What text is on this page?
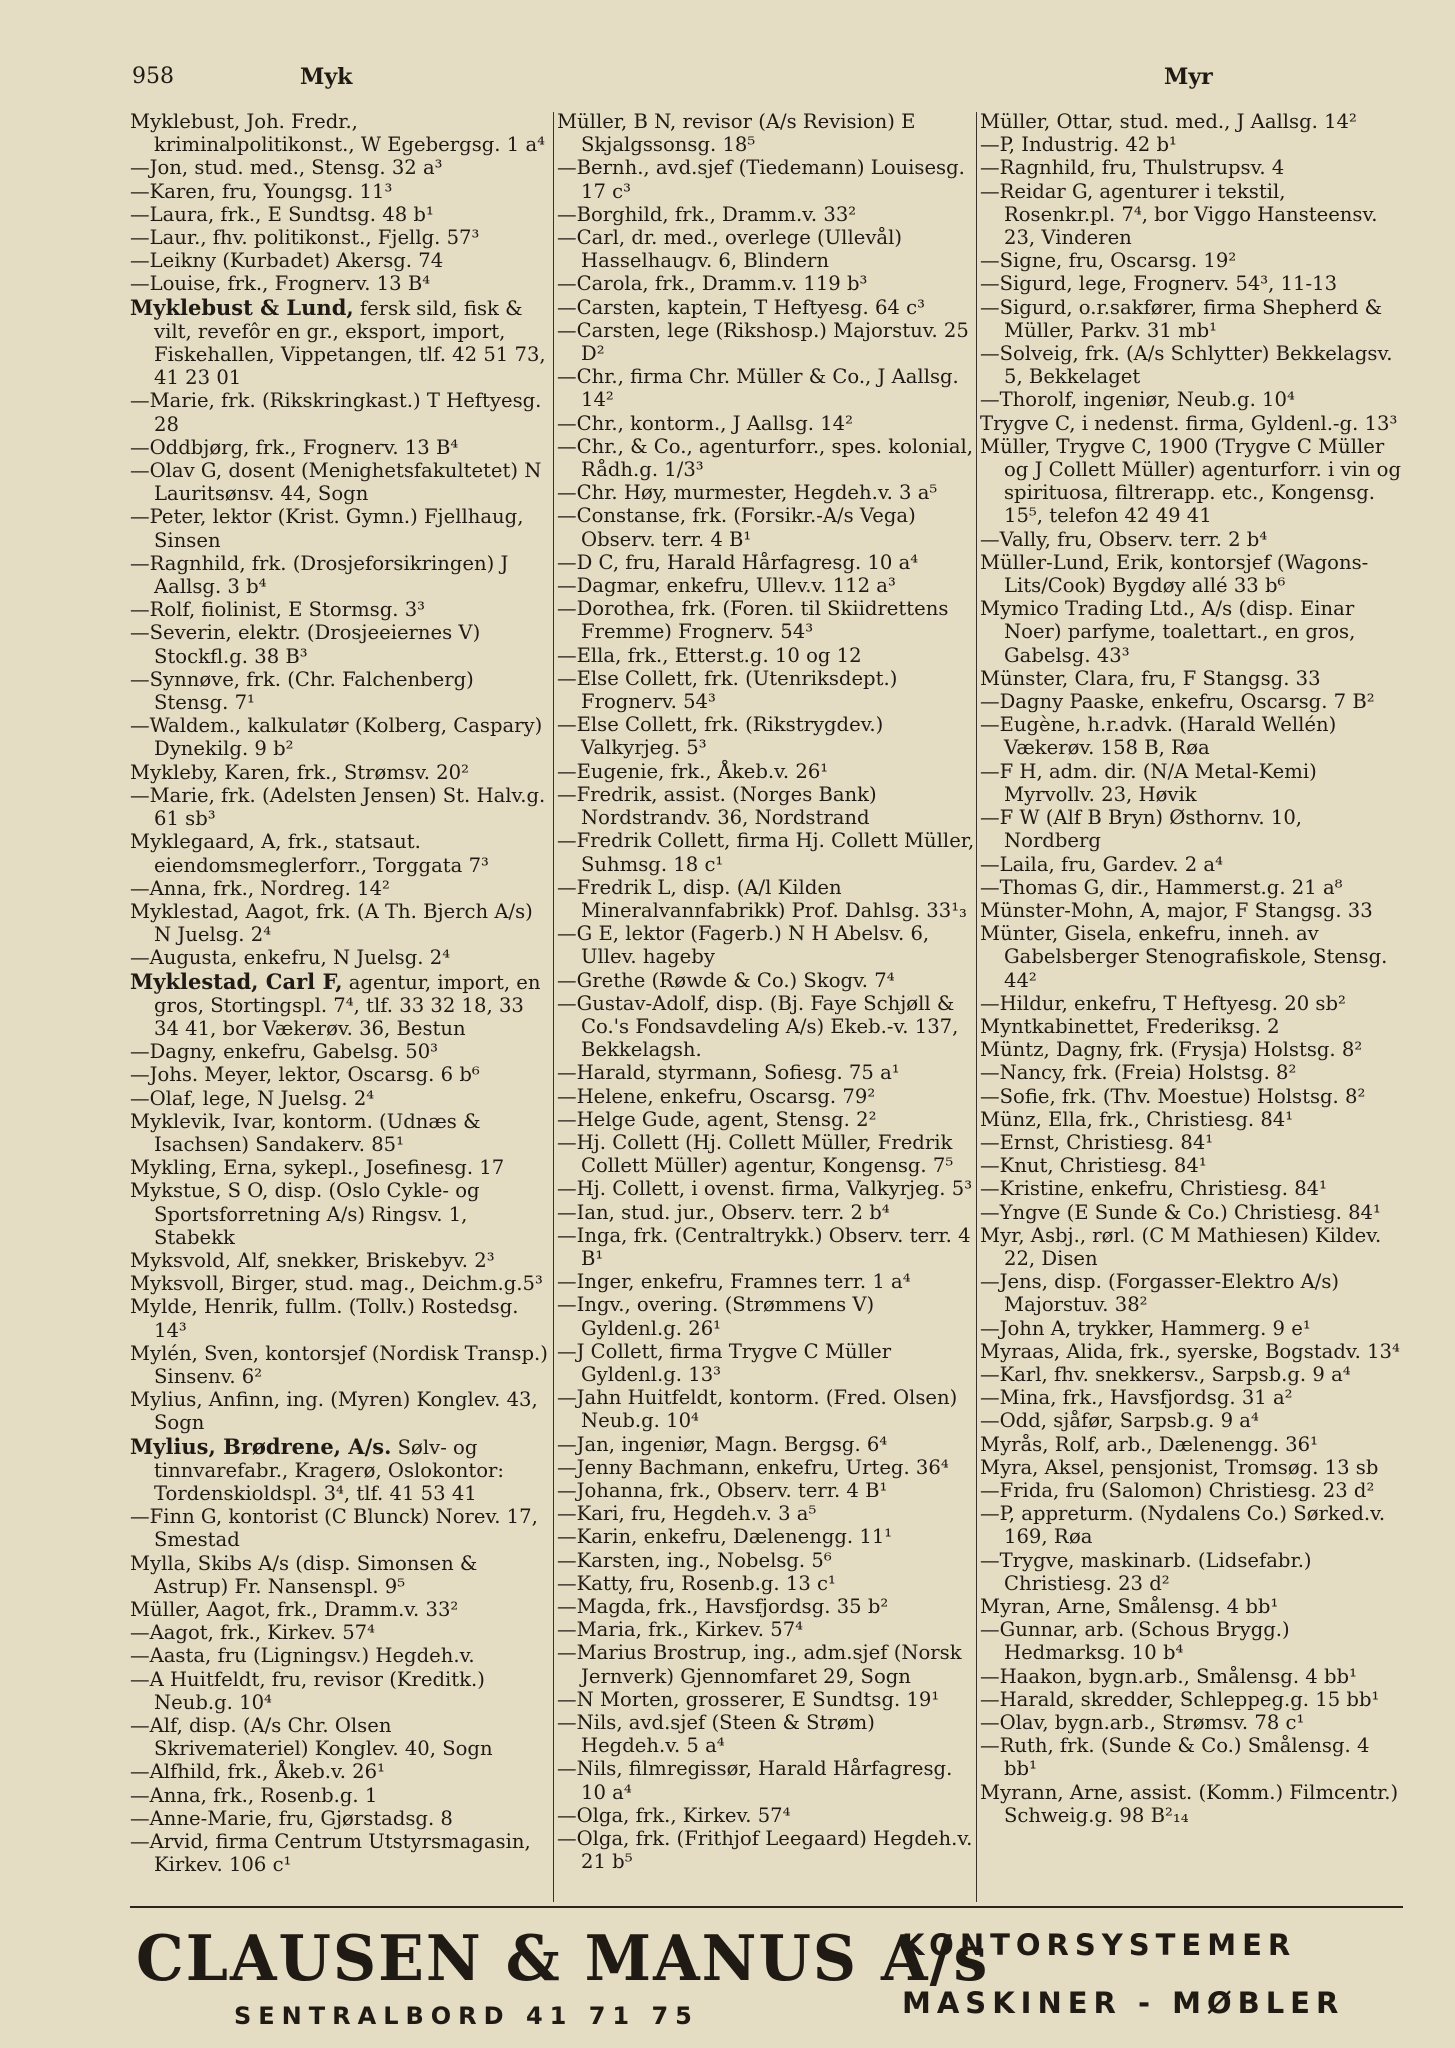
958	Myk	Myr
Myklebust, Joh. Fredr., kriminalpolitikonst., W Egebergsg. 1 a⁴
—Jon, stud. med., Stensg. 32 a³
—Karen, fru, Youngsg. 11³
—Laura, frk., E Sundtsg. 48 b¹
—Laur., fhv. politikonst., Fjellg. 57³
—Leikny (Kurbadet) Akersg. 74
—Louise, frk., Frognerv. 13 B⁴
Myklebust & Lund, fersk sild, fisk & vilt, revefôr en gr., eksport, import, Fiskehallen, Vippetangen, tlf. 42 51 73, 41 23 01
—Marie, frk. (Rikskringkast.) T Heftyesg. 28
—Oddbjørg, frk., Frognerv. 13 B⁴
—Olav G, dosent (Menighetsfakultetet) N Lauritsønsv. 44, Sogn
—Peter, lektor (Krist. Gymn.) Fjellhaug, Sinsen
—Ragnhild, frk. (Drosjeforsikringen) J Aallsg. 3 b⁴
—Rolf, fiolinist, E Stormsg. 3³
—Severin, elektr. (Drosjeeiernes V) Stockfl.g. 38 B³
—Synnøve, frk. (Chr. Falchenberg) Stensg. 7¹
—Waldem., kalkulatør (Kolberg, Caspary) Dynekilg. 9 b²
Mykleby, Karen, frk., Strømsv. 20²
—Marie, frk. (Adelsten Jensen) St. Halv.g. 61 sb³
Myklegaard, A, frk., statsaut. eiendomsmeglerforr., Torggata 7³
—Anna, frk., Nordreg. 14²
Myklestad, Aagot, frk. (A Th. Bjerch A/s) N Juelsg. 2⁴
—Augusta, enkefru, N Juelsg. 2⁴
Myklestad, Carl F, agentur, import, en gros, Stortingspl. 7⁴, tlf. 33 32 18, 33 34 41, bor Vækerøv. 36, Bestun
—Dagny, enkefru, Gabelsg. 50³
—Johs. Meyer, lektor, Oscarsg. 6 b⁶
—Olaf, lege, N Juelsg. 2⁴
Myklevik, Ivar, kontorm. (Udnæs & Isachsen) Sandakerv. 85¹
Mykling, Erna, sykepl., Josefinesg. 17
Mykstue, S O, disp. (Oslo Cykle- og Sportsforretning A/s) Ringsv. 1, Stabekk
Myksvold, Alf, snekker, Briskebyv. 2³
Myksvoll, Birger, stud. mag., Deichm.g.5³
Mylde, Henrik, fullm. (Tollv.) Rostedsg. 14³
Mylén, Sven, kontorsjef (Nordisk Transp.) Sinsenv. 6²
Mylius, Anfinn, ing. (Myren) Konglev. 43, Sogn
Mylius, Brødrene, A/s. Sølv- og tinnvarefabr., Kragerø, Oslokontor: Tordenskioldspl. 3⁴, tlf. 41 53 41
—Finn G, kontorist (C Blunck) Norev. 17, Smestad
Mylla, Skibs A/s (disp. Simonsen & Astrup) Fr. Nansenspl. 9⁵
Müller, Aagot, frk., Dramm.v. 33²
—Aagot, frk., Kirkev. 57⁴
—Aasta, fru (Ligningsv.) Hegdeh.v.
—A Huitfeldt, fru, revisor (Kreditk.) Neub.g. 10⁴
—Alf, disp. (A/s Chr. Olsen Skrivemateriel) Konglev. 40, Sogn
—Alfhild, frk., Åkeb.v. 26¹
—Anna, frk., Rosenb.g. 1
—Anne-Marie, fru, Gjørstadsg. 8
—Arvid, firma Centrum Utstyrsmagasin, Kirkev. 106 c¹
Müller, B N, revisor (A/s Revision) E Skjalgssonsg. 18⁵
—Bernh., avd.sjef (Tiedemann) Louisesg. 17 c³
—Borghild, frk., Dramm.v. 33²
—Carl, dr. med., overlege (Ullevål) Hasselhaugv. 6, Blindern
—Carola, frk., Dramm.v. 119 b³
—Carsten, kaptein, T Heftyesg. 64 c³
—Carsten, lege (Rikshosp.) Majorstuv. 25 D²
—Chr., firma Chr. Müller & Co., J Aallsg. 14²
—Chr., kontorm., J Aallsg. 14²
—Chr., & Co., agenturforr., spes. kolonial, Rådh.g. 1/3³
—Chr. Høy, murmester, Hegdeh.v. 3 a⁵
—Constanse, frk. (Forsikr.-A/s Vega) Observ. terr. 4 B¹
—D C, fru, Harald Hårfagresg. 10 a⁴
—Dagmar, enkefru, Ullev.v. 112 a³
—Dorothea, frk. (Foren. til Skiidrettens Fremme) Frognerv. 54³
—Ella, frk., Etterst.g. 10 og 12
—Else Collett, frk. (Utenriksdept.) Frognerv. 54³
—Else Collett, frk. (Rikstrygdev.) Valkyrjeg. 5³
—Eugenie, frk., Åkeb.v. 26¹
—Fredrik, assist. (Norges Bank) Nordstrandv. 36, Nordstrand
—Fredrik Collett, firma Hj. Collett Müller, Suhmsg. 18 c¹
—Fredrik L, disp. (A/l Kilden Mineralvannfabrikk) Prof. Dahlsg. 33¹₃
—G E, lektor (Fagerb.) N H Abelsv. 6, Ullev. hageby
—Grethe (Røwde & Co.) Skogv. 7⁴
—Gustav-Adolf, disp. (Bj. Faye Schjøll & Co.'s Fondsavdeling A/s) Ekeb.-v. 137, Bekkelagsh.
—Harald, styrmann, Sofiesg. 75 a¹
—Helene, enkefru, Oscarsg. 79²
—Helge Gude, agent, Stensg. 2²
—Hj. Collett (Hj. Collett Müller, Fredrik Collett Müller) agentur, Kongensg. 7⁵
—Hj. Collett, i ovenst. firma, Valkyrjeg. 5³
—Ian, stud. jur., Observ. terr. 2 b⁴
—Inga, frk. (Centraltrykk.) Observ. terr. 4 B¹
—Inger, enkefru, Framnes terr. 1 a⁴
—Ingv., overing. (Strømmens V) Gyldenl.g. 26¹
—J Collett, firma Trygve C Müller Gyldenl.g. 13³
—Jahn Huitfeldt, kontorm. (Fred. Olsen) Neub.g. 10⁴
—Jan, ingeniør, Magn. Bergsg. 6⁴
—Jenny Bachmann, enkefru, Urteg. 36⁴
—Johanna, frk., Observ. terr. 4 B¹
—Kari, fru, Hegdeh.v. 3 a⁵
—Karin, enkefru, Dælenengg. 11¹
—Karsten, ing., Nobelsg. 5⁶
—Katty, fru, Rosenb.g. 13 c¹
—Magda, frk., Havsfjordsg. 35 b²
—Maria, frk., Kirkev. 57⁴
—Marius Brostrup, ing., adm.sjef (Norsk Jernverk) Gjennomfaret 29, Sogn
—N Morten, grosserer, E Sundtsg. 19¹
—Nils, avd.sjef (Steen & Strøm) Hegdeh.v. 5 a⁴
—Nils, filmregissør, Harald Hårfagresg. 10 a⁴
—Olga, frk., Kirkev. 57⁴
—Olga, frk. (Frithjof Leegaard) Hegdeh.v. 21 b⁵
Müller, Ottar, stud. med., J Aallsg. 14²
—P, Industrig. 42 b¹
—Ragnhild, fru, Thulstrupsv. 4
—Reidar G, agenturer i tekstil, Rosenkr.pl. 7⁴, bor Viggo Hansteensv. 23, Vinderen
—Signe, fru, Oscarsg. 19²
—Sigurd, lege, Frognerv. 54³, 11-13
—Sigurd, o.r.sakfører, firma Shepherd & Müller, Parkv. 31 mb¹
—Solveig, frk. (A/s Schlytter) Bekkelagsv. 5, Bekkelaget
—Thorolf, ingeniør, Neub.g. 10⁴
Trygve C, i nedenst. firma, Gyldenl.-g. 13³
Müller, Trygve C, 1900 (Trygve C Müller og J Collett Müller) agenturforr. i vin og spirituosa, filtrerapp. etc., Kongensg. 15⁵, telefon 42 49 41
—Vally, fru, Observ. terr. 2 b⁴
Müller-Lund, Erik, kontorsjef (Wagons-Lits/Cook) Bygdøy allé 33 b⁶
Mymico Trading Ltd., A/s (disp. Einar Noer) parfyme, toalettart., en gros, Gabelsg. 43³
Münster, Clara, fru, F Stangsg. 33
—Dagny Paaske, enkefru, Oscarsg. 7 B²
—Eugène, h.r.advk. (Harald Wellén) Vækerøv. 158 B, Røa
—F H, adm. dir. (N/A Metal-Kemi) Myrvollv. 23, Høvik
—F W (Alf B Bryn) Østhornv. 10, Nordberg
—Laila, fru, Gardev. 2 a⁴
—Thomas G, dir., Hammerst.g. 21 a⁸
Münster-Mohn, A, major, F Stangsg. 33
Münter, Gisela, enkefru, inneh. av Gabelsberger Stenografiskole, Stensg. 44²
—Hildur, enkefru, T Heftyesg. 20 sb²
Myntkabinettet, Frederiksg. 2
Müntz, Dagny, frk. (Frysja) Holstsg. 8²
—Nancy, frk. (Freia) Holstsg. 8²
—Sofie, frk. (Thv. Moestue) Holstsg. 8²
Münz, Ella, frk., Christiesg. 84¹
—Ernst, Christiesg. 84¹
—Knut, Christiesg. 84¹
—Kristine, enkefru, Christiesg. 84¹
—Yngve (E Sunde & Co.) Christiesg. 84¹
Myr, Asbj., rørl. (C M Mathiesen) Kildev. 22, Disen
—Jens, disp. (Forgasser-Elektro A/s) Majorstuv. 38²
—John A, trykker, Hammerg. 9 e¹
Myraas, Alida, frk., syerske, Bogstadv. 13⁴
—Karl, fhv. snekkersv., Sarpsb.g. 9 a⁴
—Mina, frk., Havsfjordsg. 31 a²
—Odd, sjåfør, Sarpsb.g. 9 a⁴
Myrås, Rolf, arb., Dælenengg. 36¹
Myra, Aksel, pensjonist, Tromsøg. 13 sb
—Frida, fru (Salomon) Christiesg. 23 d²
—P, appreturm. (Nydalens Co.) Sørked.v. 169, Røa
—Trygve, maskinarb. (Lidsefabr.) Christiesg. 23 d²
Myran, Arne, Smålensg. 4 bb¹
—Gunnar, arb. (Schous Brygg.) Hedmarksg. 10 b⁴
—Haakon, bygn.arb., Smålensg. 4 bb¹
—Harald, skredder, Schleppeg.g. 15 bb¹
—Olav, bygn.arb., Strømsv. 78 c¹
—Ruth, frk. (Sunde & Co.) Smålensg. 4 bb¹
Myrann, Arne, assist. (Komm.) Filmcentr.) Schweig.g. 98 B²₁₄
CLAUSEN & MANUS A/s
SENTRALBORD 41 71 75
KONTORSYSTEMER
MASKINER - MØBLER
